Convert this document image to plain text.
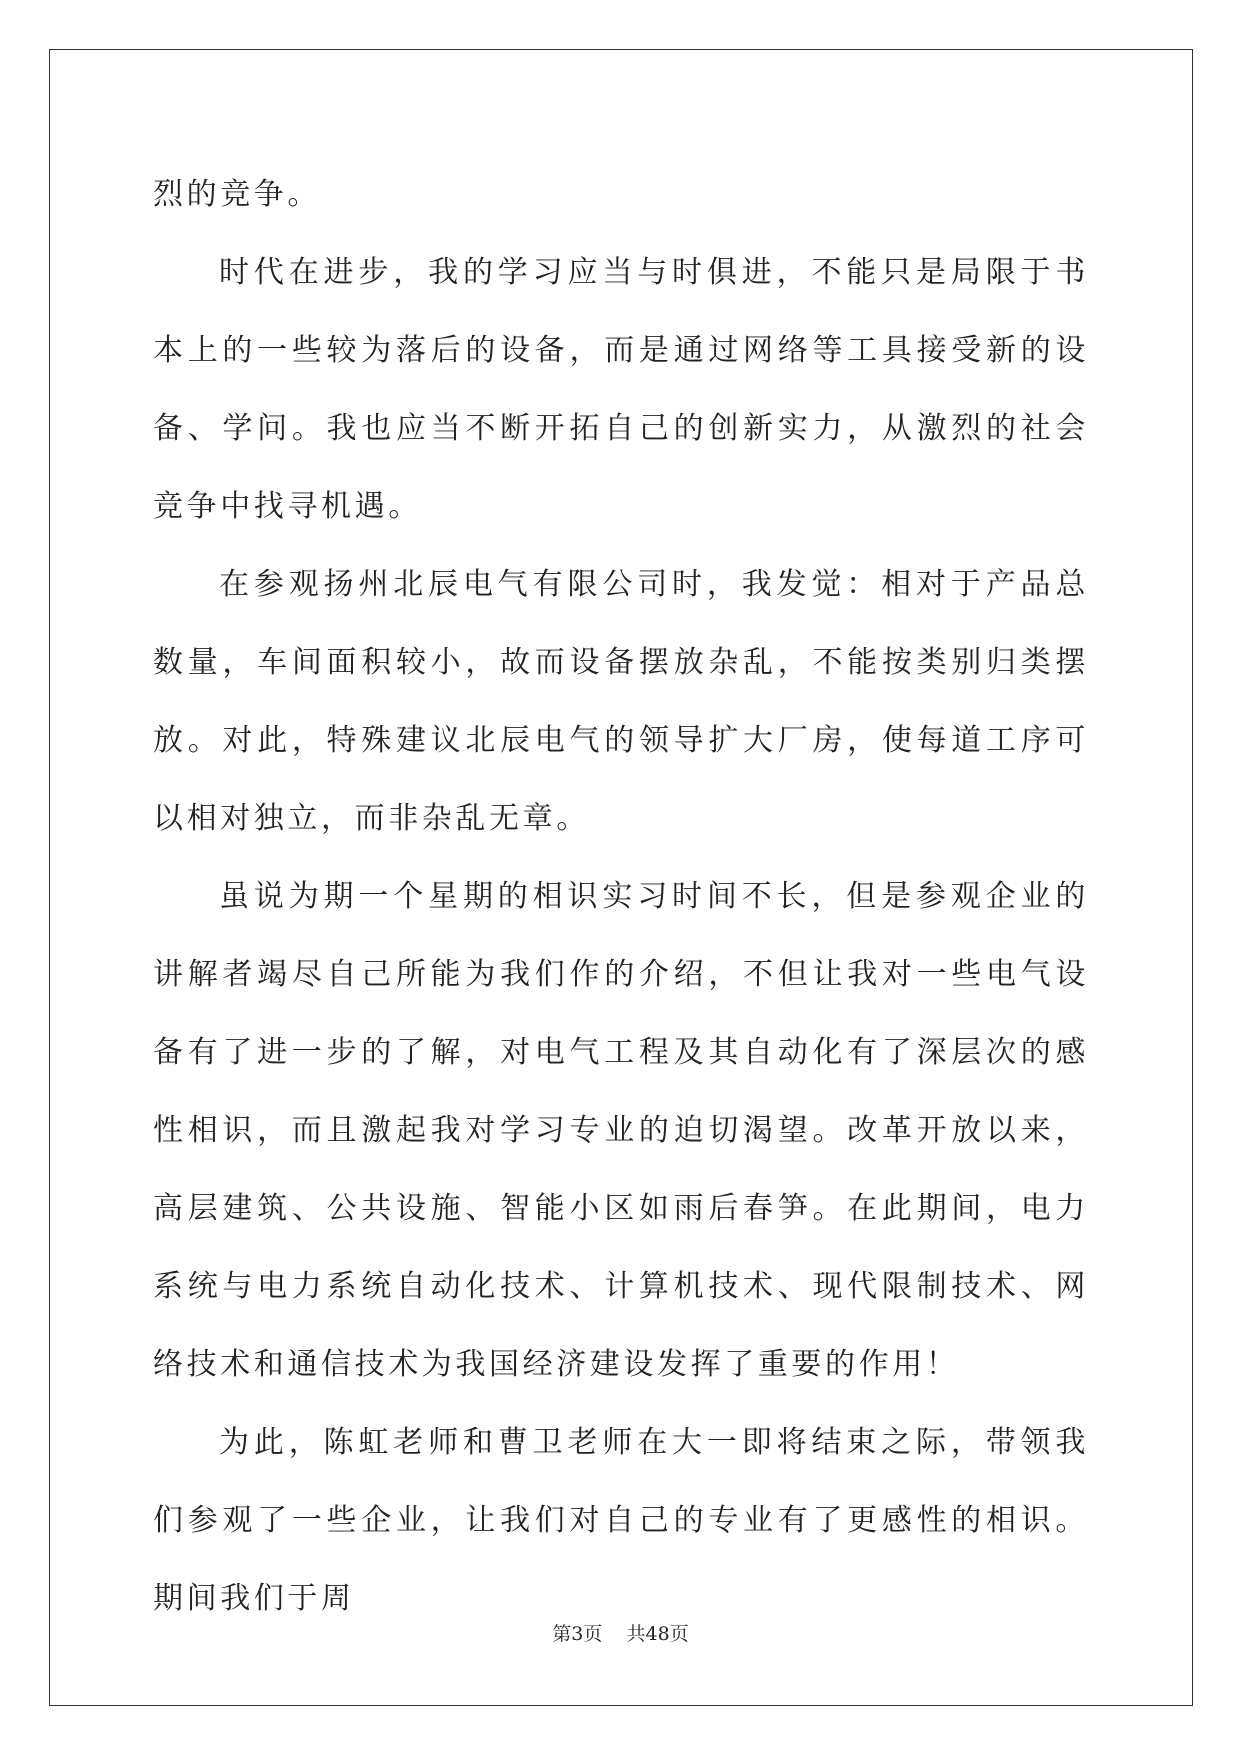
烈的竞争。

时代在进步，我的学习应当与时俱进，不能只是局限于书本上的一些较为落后的设备，而是通过网络等工具接受新的设备、学问。我也应当不断开拓自己的创新实力，从激烈的社会竞争中找寻机遇。

在参观扬州北辰电气有限公司时，我发觉：相对于产品总数量，车间面积较小，故而设备摆放杂乱，不能按类别归类摆放。对此，特殊建议北辰电气的领导扩大厂房，使每道工序可以相对独立，而非杂乱无章。

虽说为期一个星期的相识实习时间不长，但是参观企业的讲解者竭尽自己所能为我们作的介绍，不但让我对一些电气设备有了进一步的了解，对电气工程及其自动化有了深层次的感性相识，而且激起我对学习专业的迫切渴望。改革开放以来，高层建筑、公共设施、智能小区如雨后春笋。在此期间，电力系统与电力系统自动化技术、计算机技术、现代限制技术、网络技术和通信技术为我国经济建设发挥了重要的作用！

为此，陈虹老师和曹卫老师在大一即将结束之际，带领我们参观了一些企业，让我们对自己的专业有了更感性的相识。期间我们于周

第3页 共48页
